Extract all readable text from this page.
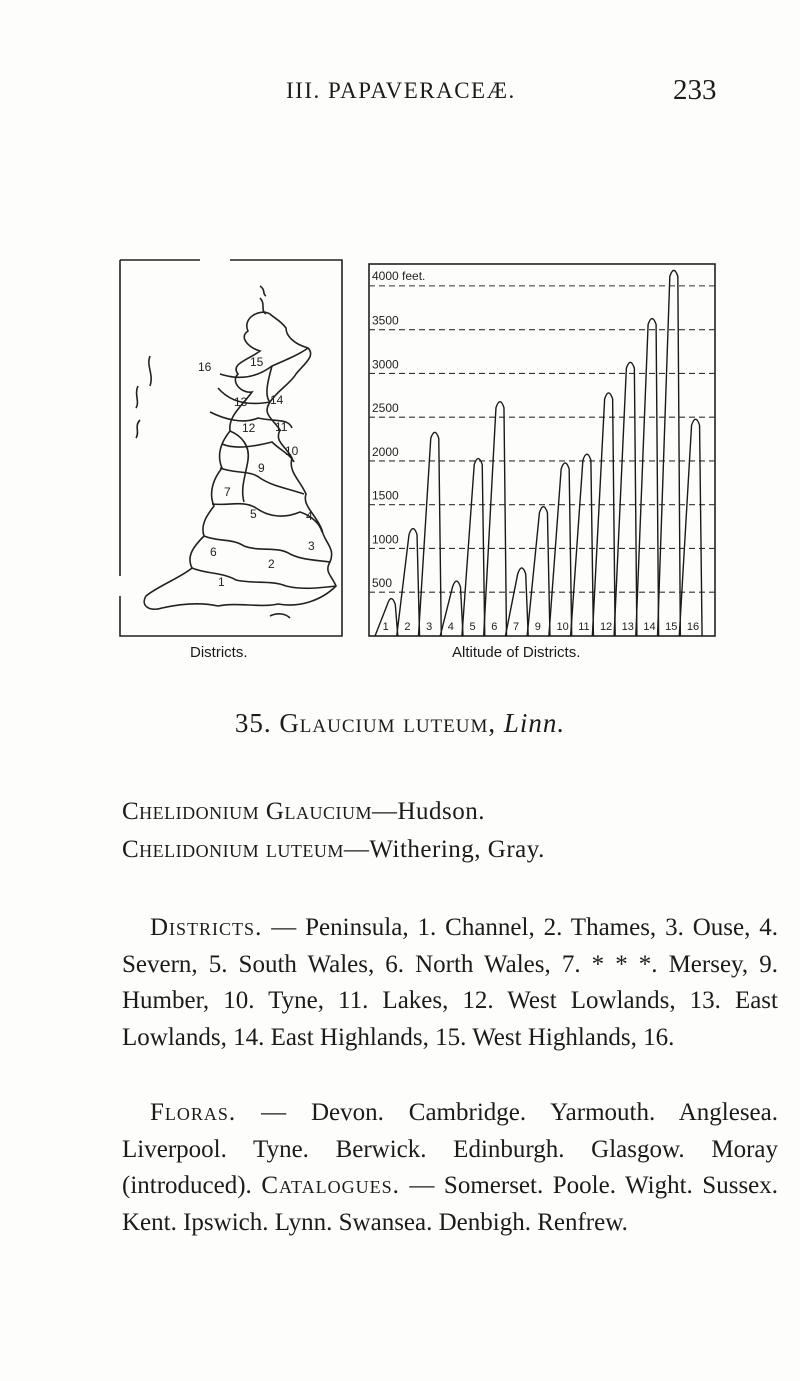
III. PAPAVERACEÆ.	233
16	15
14
13
11
12
10
9
7
5	4
6	3
2
1
4000 feet.
3500
3000
2500
2000
1500
1000
500
1 2 3 4 5 6 7 9 10 11 12 13 14 15 16
Districts.	Altitude of Districts.
35. Glaucium luteum, Linn.
Chelidonium Glaucium—Hudson.
Chelidonium luteum—Withering, Gray.
Districts. — Peninsula, 1. Channel, 2. Thames, 3. Ouse, 4. Severn, 5. South Wales, 6. North Wales, 7. * * *. Mersey, 9. Humber, 10. Tyne, 11. Lakes, 12. West Lowlands, 13. East Lowlands, 14. East Highlands, 15. West Highlands, 16.
Floras. — Devon. Cambridge. Yarmouth. Anglesea. Liverpool. Tyne. Berwick. Edinburgh. Glasgow. Moray (introduced). Catalogues. — Somerset. Poole. Wight. Sussex. Kent. Ipswich. Lynn. Swansea. Denbigh. Renfrew.
